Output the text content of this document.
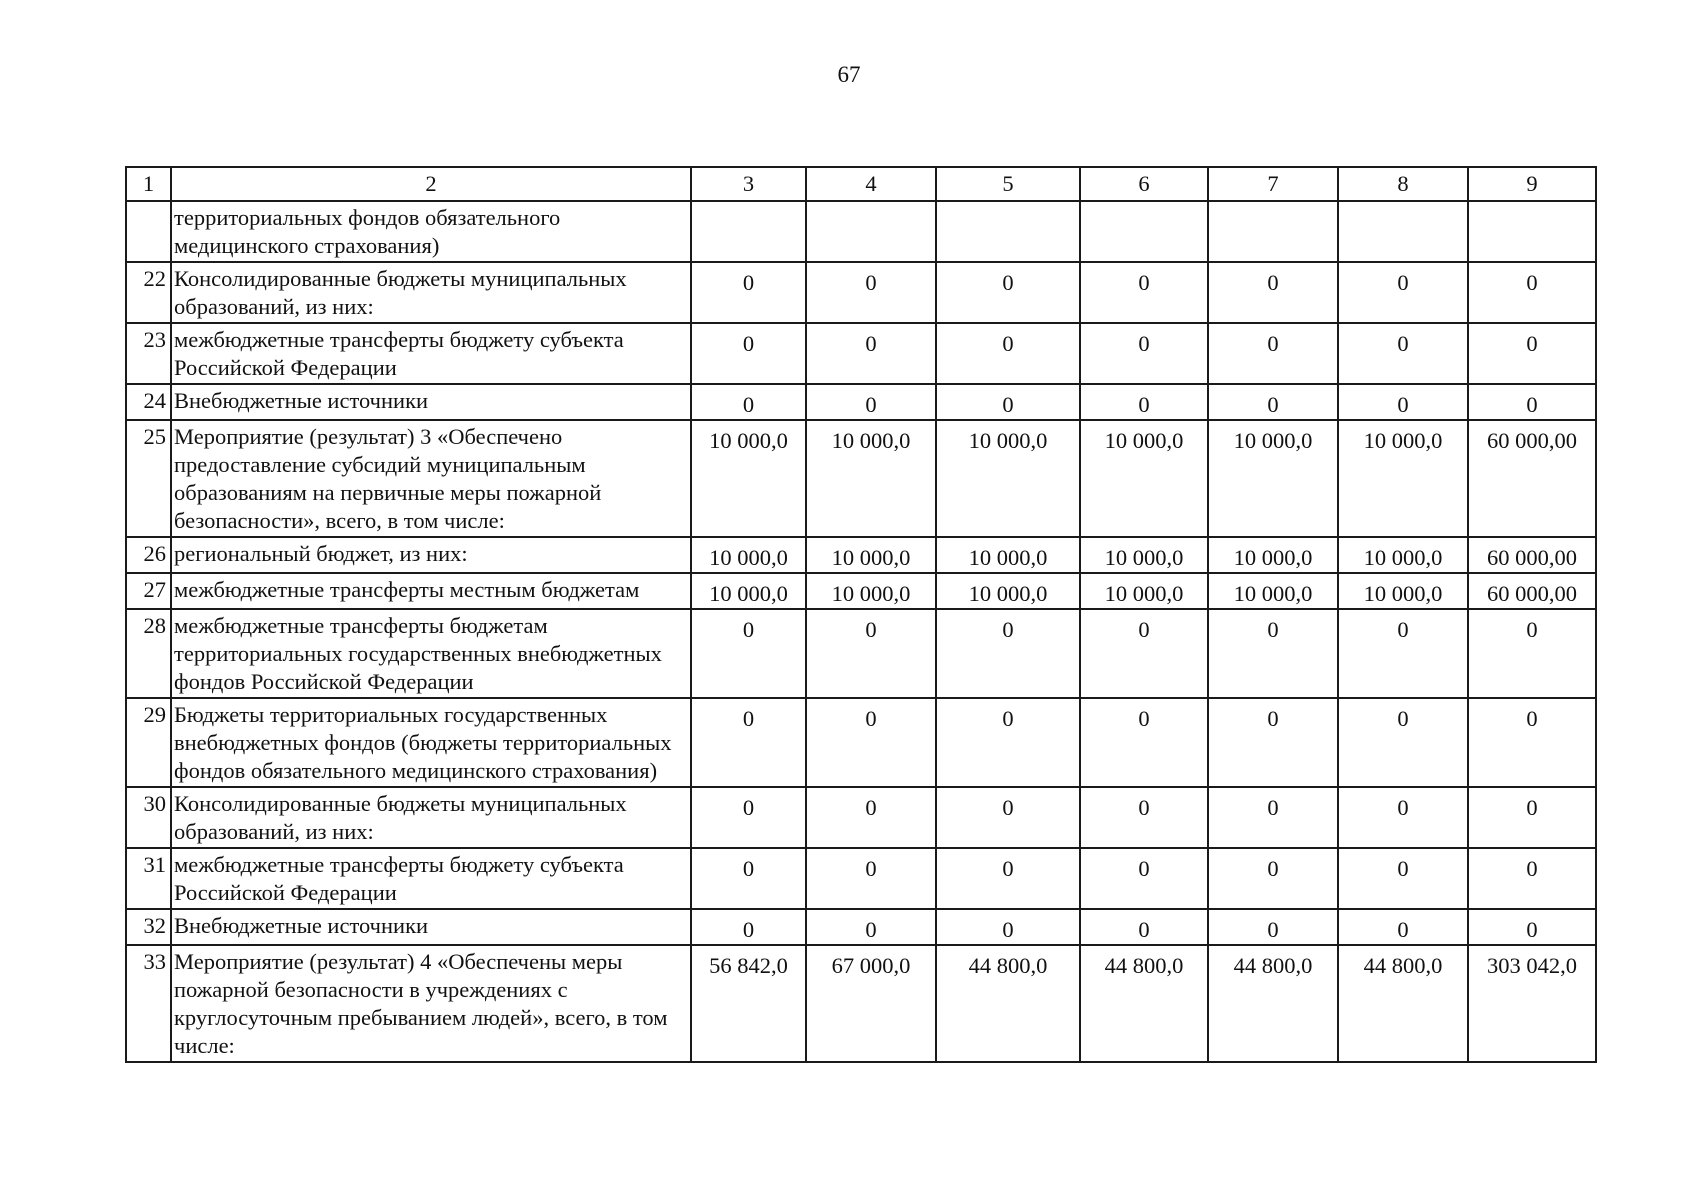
67
1	2	3	4	5	6	7	8	9
	территориальных фондов обязательного медицинского страхования)							
22	Консолидированные бюджеты муниципальных образований, из них:	0	0	0	0	0	0	0
23	межбюджетные трансферты бюджету субъекта Российской Федерации	0	0	0	0	0	0	0
24	Внебюджетные источники	0	0	0	0	0	0	0
25	Мероприятие (результат) 3 «Обеспечено предоставление субсидий муниципальным образованиям на первичные меры пожарной безопасности», всего, в том числе:	10 000,0	10 000,0	10 000,0	10 000,0	10 000,0	10 000,0	60 000,00
26	региональный бюджет, из них:	10 000,0	10 000,0	10 000,0	10 000,0	10 000,0	10 000,0	60 000,00
27	межбюджетные трансферты местным бюджетам	10 000,0	10 000,0	10 000,0	10 000,0	10 000,0	10 000,0	60 000,00
28	межбюджетные трансферты бюджетам территориальных государственных внебюджетных фондов Российской Федерации	0	0	0	0	0	0	0
29	Бюджеты территориальных государственных внебюджетных фондов (бюджеты территориальных фондов обязательного медицинского страхования)	0	0	0	0	0	0	0
30	Консолидированные бюджеты муниципальных образований, из них:	0	0	0	0	0	0	0
31	межбюджетные трансферты бюджету субъекта Российской Федерации	0	0	0	0	0	0	0
32	Внебюджетные источники	0	0	0	0	0	0	0
33	Мероприятие (результат) 4 «Обеспечены меры пожарной безопасности в учреждениях с круглосуточным пребыванием людей», всего, в том числе:	56 842,0	67 000,0	44 800,0	44 800,0	44 800,0	44 800,0	303 042,0
